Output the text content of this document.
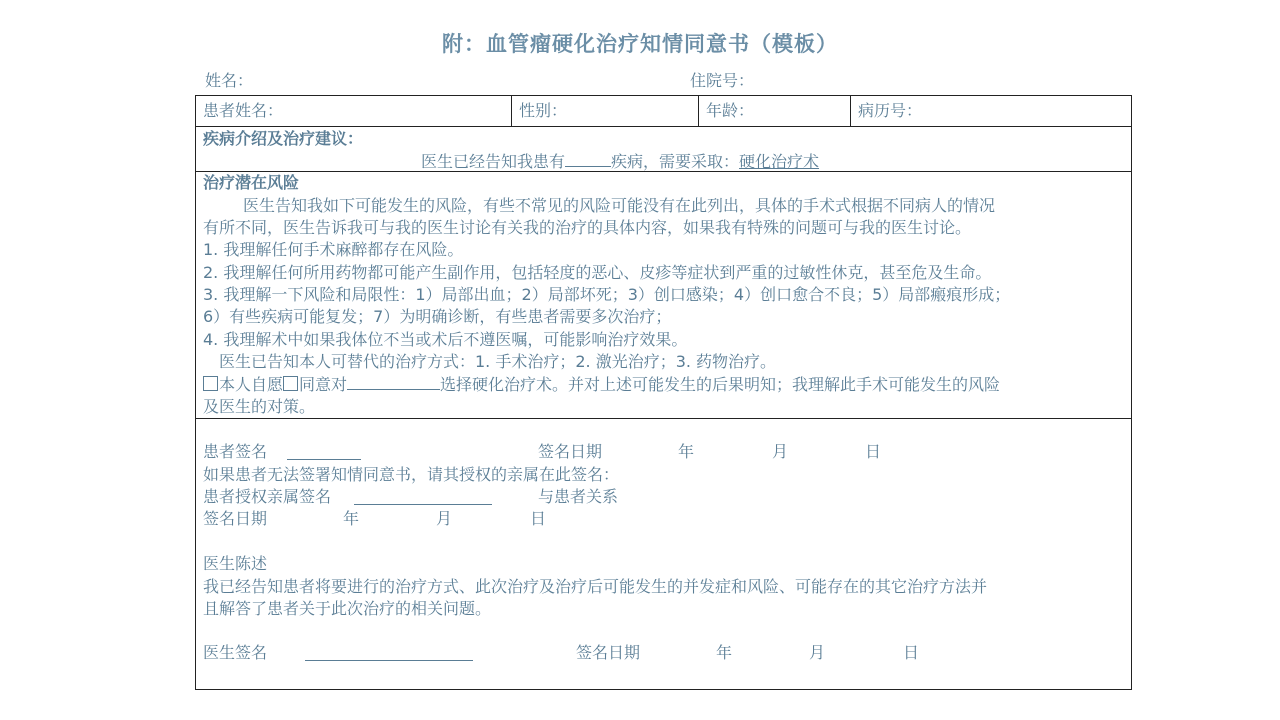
附：血管瘤硬化治疗知情同意书（模板）
姓名：	住院号：
患者姓名：	性别：	年龄：	病历号：
疾病介绍及治疗建议：
医生已经告知我患有	疾病，需要采取：硬化治疗术
治疗潜在风险
医生告知我如下可能发生的风险，有些不常见的风险可能没有在此列出，具体的手术式根据不同病人的情况
有所不同，医生告诉我可与我的医生讨论有关我的治疗的具体内容，如果我有特殊的问题可与我的医生讨论。
1. 我理解任何手术麻醉都存在风险。
2. 我理解任何所用药物都可能产生副作用，包括轻度的恶心、皮疹等症状到严重的过敏性休克，甚至危及生命。
3. 我理解一下风险和局限性：1）局部出血；2）局部坏死；3）创口感染；4）创口愈合不良；5）局部瘢痕形成；
6）有些疾病可能复发；7）为明确诊断，有些患者需要多次治疗；
4. 我理解术中如果我体位不当或术后不遵医嘱，可能影响治疗效果。
医生已告知本人可替代的治疗方式：1. 手术治疗；2. 激光治疗；3. 药物治疗。
本人自愿 同意对	选择硬化治疗术。并对上述可能发生的后果明知；我理解此手术可能发生的风险
及医生的对策。
患者签名	签名日期	年	月	日
如果患者无法签署知情同意书，请其授权的亲属在此签名：
患者授权亲属签名	与患者关系
签名日期	年	月	日
医生陈述
我已经告知患者将要进行的治疗方式、此次治疗及治疗后可能发生的并发症和风险、可能存在的其它治疗方法并
且解答了患者关于此次治疗的相关问题。
医生签名	签名日期	年	月	日
